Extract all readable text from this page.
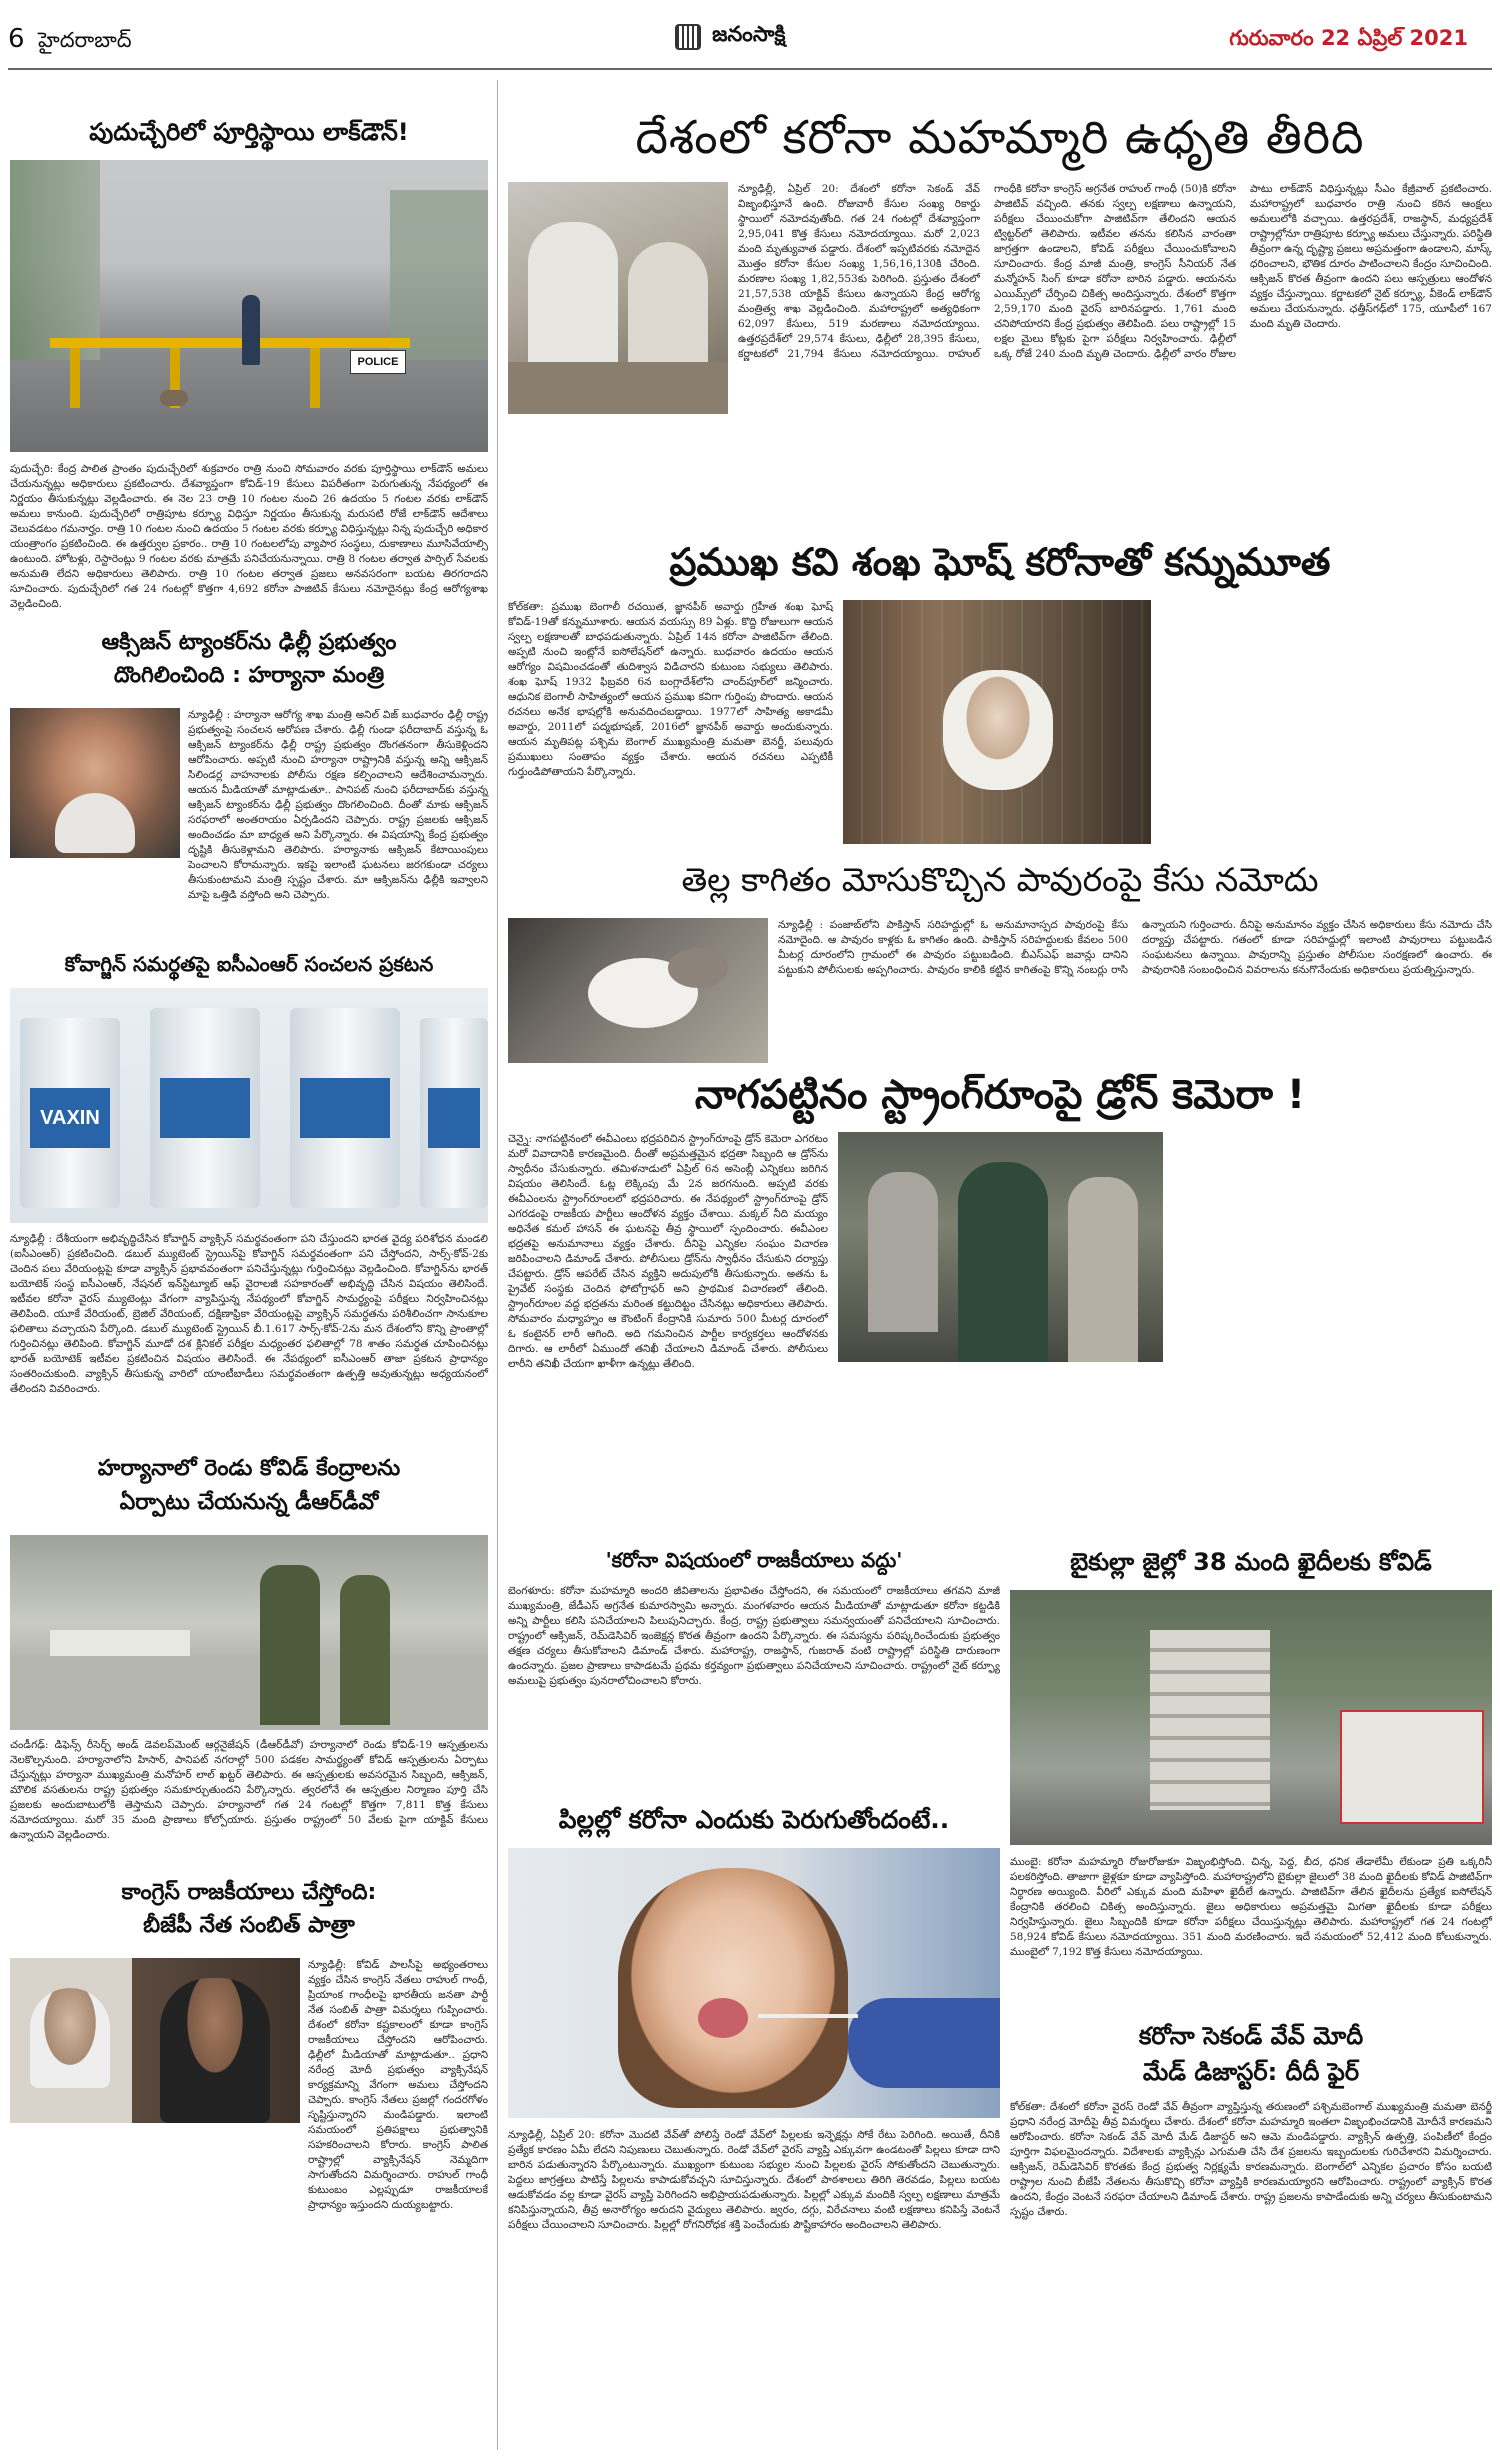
6 హైదరాబాద్	జనంసాక్షి	గురువారం 22 ఏప్రిల్ 2021
పుదుచ్చేరిలో పూర్తిస్థాయి లాక్‌డౌన్!
POLICE
పుదుచ్చేరి: కేంద్ర పాలిత ప్రాంతం పుదుచ్చేరిలో శుక్రవారం రాత్రి నుంచి సోమవారం వరకు పూర్తిస్థాయి లాక్‌డౌన్ అమలు చేయనున్నట్లు అధికారులు ప్రకటించారు. దేశవ్యాప్తంగా కోవిడ్-19 కేసులు విపరీతంగా పెరుగుతున్న నేపథ్యంలో ఈ నిర్ణయం తీసుకున్నట్లు వెల్లడించారు. ఈ నెల 23 రాత్రి 10 గంటల నుంచి 26 ఉదయం 5 గంటల వరకు లాక్‌డౌన్ అమలు కానుంది. పుదుచ్చేరిలో రాత్రిపూట కర్ఫ్యూ విధిస్తూ నిర్ణయం తీసుకున్న మరుసటి రోజే లాక్‌డౌన్ ఆదేశాలు వెలువడటం గమనార్హం. రాత్రి 10 గంటల నుంచి ఉదయం 5 గంటల వరకు కర్ఫ్యూ విధిస్తున్నట్లు నిన్న పుదుచ్చేరి అధికార యంత్రాంగం ప్రకటించింది. ఈ ఉత్తర్వుల ప్రకారం.. రాత్రి 10 గంటలలోపు వ్యాపార సంస్థలు, దుకాణాలు మూసివేయాల్సి ఉంటుంది. హోటళ్లు, రెస్టారెంట్లు 9 గంటల వరకు మాత్రమే పనిచేయనున్నాయి. రాత్రి 8 గంటల తర్వాత పార్సిల్ సేవలకు అనుమతి లేదని అధికారులు తెలిపారు. రాత్రి 10 గంటల తర్వాత ప్రజలు అనవసరంగా బయట తిరగరాదని సూచించారు. పుదుచ్చేరిలో గత 24 గంటల్లో కొత్తగా 4,692 కరోనా పాజిటివ్ కేసులు నమోదైనట్లు కేంద్ర ఆరోగ్యశాఖ వెల్లడించింది.
ఆక్సిజన్ ట్యాంకర్‌ను ఢిల్లీ ప్రభుత్వం
దొంగిలించింది : హర్యానా మంత్రి
న్యూఢిల్లీ : హర్యానా ఆరోగ్య శాఖ మంత్రి అనిల్ విజ్ బుధవారం ఢిల్లీ రాష్ట్ర ప్రభుత్వంపై సంచలన ఆరోపణ చేశారు. ఢిల్లీ గుండా ఫరీదాబాద్ వస్తున్న ఓ ఆక్సిజన్ ట్యాంకర్‌ను ఢిల్లీ రాష్ట్ర ప్రభుత్వం దొంగతనంగా తీసుకెళ్లిందని ఆరోపించారు. అప్పటి నుంచి హర్యానా రాష్ట్రానికి వస్తున్న అన్ని ఆక్సిజన్ సిలిండర్ల వాహనాలకు పోలీసు రక్షణ కల్పించాలని ఆదేశించామన్నారు. ఆయన మీడియాతో మాట్లాడుతూ.. పానిపట్ నుంచి ఫరీదాబాద్‌కు వస్తున్న ఆక్సిజన్ ట్యాంకర్‌ను ఢిల్లీ ప్రభుత్వం దొంగలించింది. దీంతో మాకు ఆక్సిజన్ సరఫరాలో అంతరాయం ఏర్పడిందని చెప్పారు. రాష్ట్ర ప్రజలకు ఆక్సిజన్ అందించడం మా బాధ్యత అని పేర్కొన్నారు. ఈ విషయాన్ని కేంద్ర ప్రభుత్వం దృష్టికి తీసుకెళ్లామని తెలిపారు. హర్యానాకు ఆక్సిజన్ కేటాయింపులు పెంచాలని కోరామన్నారు. ఇకపై ఇలాంటి ఘటనలు జరగకుండా చర్యలు తీసుకుంటామని మంత్రి స్పష్టం చేశారు. మా ఆక్సిజన్‌ను ఢిల్లీకి ఇవ్వాలని మాపై ఒత్తిడి వస్తోంది అని చెప్పారు.
కోవాగ్జిన్ సమర్థతపై ఐసీఎంఆర్ సంచలన ప్రకటన
VAXIN
న్యూఢిల్లీ : దేశీయంగా అభివృద్ధిచేసిన కోవాగ్జిన్ వ్యాక్సిన్ సమర్థవంతంగా పని చేస్తుందని భారత వైద్య పరిశోధన మండలి (ఐసీఎంఆర్) ప్రకటించింది. డబుల్ మ్యుటెంట్ స్ట్రెయిన్‌పై కోవాగ్జిన్ సమర్థవంతంగా పని చేస్తోందని, సార్స్-కోవ్-2కు చెందిన పలు వేరియంట్లపై కూడా వ్యాక్సిన్ ప్రభావవంతంగా పనిచేస్తున్నట్లు గుర్తించినట్లు వెల్లడించింది. కోవాగ్జిన్‌ను భారత్ బయోటెక్ సంస్థ ఐసీఎంఆర్, నేషనల్ ఇన్‌స్టిట్యూట్ ఆఫ్ వైరాలజీ సహకారంతో అభివృద్ధి చేసిన విషయం తెలిసిందే. ఇటీవల కరోనా వైరస్ మ్యుటెంట్లు వేగంగా వ్యాపిస్తున్న నేపథ్యంలో కోవాగ్జిన్ సామర్థ్యంపై పరీక్షలు నిర్వహించినట్లు తెలిపింది. యూకే వేరియంట్, బ్రెజిల్ వేరియంట్, దక్షిణాఫ్రికా వేరియంట్లపై వ్యాక్సిన్ సమర్థతను పరిశీలించగా సానుకూల ఫలితాలు వచ్చాయని పేర్కొంది. డబుల్ మ్యుటెంట్ స్ట్రెయిన్ బీ.1.617 సార్స్-కోవ్-2ను మన దేశంలోని కొన్ని ప్రాంతాల్లో గుర్తించినట్లు తెలిపింది. కోవాగ్జిన్ మూడో దశ క్లినికల్ పరీక్షల మధ్యంతర ఫలితాల్లో 78 శాతం సమర్థత చూపించినట్లు భారత్ బయోటెక్ ఇటీవల ప్రకటించిన విషయం తెలిసిందే. ఈ నేపథ్యంలో ఐసీఎంఆర్ తాజా ప్రకటన ప్రాధాన్యం సంతరించుకుంది. వ్యాక్సిన్ తీసుకున్న వారిలో యాంటీబాడీలు సమర్థవంతంగా ఉత్పత్తి అవుతున్నట్లు అధ్యయనంలో తేలిందని వివరించారు.
హర్యానాలో రెండు కోవిడ్ కేంద్రాలను
ఏర్పాటు చేయనున్న డీఆర్‌డీవో
చండీగఢ్: డిఫెన్స్ రీసెర్చ్ అండ్ డెవలప్‌మెంట్ ఆర్గనైజేషన్ (డీఆర్‌డీవో) హర్యానాలో రెండు కోవిడ్-19 ఆస్పత్రులను నెలకొల్పనుంది. హర్యానాలోని హిసార్, పానిపట్ నగరాల్లో 500 పడకల సామర్థ్యంతో కోవిడ్ ఆస్పత్రులను ఏర్పాటు చేస్తున్నట్లు హర్యానా ముఖ్యమంత్రి మనోహర్ లాల్ ఖట్టర్ తెలిపారు. ఈ ఆస్పత్రులకు అవసరమైన సిబ్బంది, ఆక్సిజన్, మౌలిక వసతులను రాష్ట్ర ప్రభుత్వం సమకూర్చుతుందని పేర్కొన్నారు. త్వరలోనే ఈ ఆస్పత్రుల నిర్మాణం పూర్తి చేసి ప్రజలకు అందుబాటులోకి తెస్తామని చెప్పారు. హర్యానాలో గత 24 గంటల్లో కొత్తగా 7,811 కొత్త కేసులు నమోదయ్యాయి. మరో 35 మంది ప్రాణాలు కోల్పోయారు. ప్రస్తుతం రాష్ట్రంలో 50 వేలకు పైగా యాక్టివ్ కేసులు ఉన్నాయని వెల్లడించారు.
కాంగ్రెస్ రాజకీయాలు చేస్తోంది:
బీజేపీ నేత సంబిత్ పాత్రా
న్యూఢిల్లీ: కోవిడ్ పాలసీపై అభ్యంతరాలు వ్యక్తం చేసిన కాంగ్రెస్ నేతలు రాహుల్ గాంధీ, ప్రియాంక గాంధీలపై భారతీయ జనతా పార్టీ నేత సంబిత్ పాత్రా విమర్శలు గుప్పించారు. దేశంలో కరోనా కష్టకాలంలో కూడా కాంగ్రెస్ రాజకీయాలు చేస్తోందని ఆరోపించారు. ఢిల్లీలో మీడియాతో మాట్లాడుతూ.. ప్రధాని నరేంద్ర మోదీ ప్రభుత్వం వ్యాక్సినేషన్ కార్యక్రమాన్ని వేగంగా అమలు చేస్తోందని చెప్పారు. కాంగ్రెస్ నేతలు ప్రజల్లో గందరగోళం సృష్టిస్తున్నారని మండిపడ్డారు. ఇలాంటి సమయంలో ప్రతిపక్షాలు ప్రభుత్వానికి సహకరించాలని కోరారు. కాంగ్రెస్ పాలిత రాష్ట్రాల్లో వ్యాక్సినేషన్ నెమ్మదిగా సాగుతోందని విమర్శించారు. రాహుల్ గాంధీ కుటుంబం ఎల్లప్పుడూ రాజకీయాలకే ప్రాధాన్యం ఇస్తుందని దుయ్యబట్టారు.
దేశంలో కరోనా మహమ్మారి ఉధృతి తీరిది
న్యూఢిల్లీ, ఏప్రిల్ 20: దేశంలో కరోనా సెకండ్ వేవ్ విజృంభిస్తూనే ఉంది. రోజువారీ కేసుల సంఖ్య రికార్డు స్థాయిలో నమోదవుతోంది. గత 24 గంటల్లో దేశవ్యాప్తంగా 2,95,041 కొత్త కేసులు నమోదయ్యాయి. మరో 2,023 మంది మృత్యువాత పడ్డారు. దేశంలో ఇప్పటివరకు నమోదైన మొత్తం కరోనా కేసుల సంఖ్య 1,56,16,130కి చేరింది. మరణాల సంఖ్య 1,82,553కు పెరిగింది. ప్రస్తుతం దేశంలో 21,57,538 యాక్టివ్ కేసులు ఉన్నాయని కేంద్ర ఆరోగ్య మంత్రిత్వ శాఖ వెల్లడించింది. మహారాష్ట్రలో అత్యధికంగా 62,097 కేసులు, 519 మరణాలు నమోదయ్యాయి. ఉత్తరప్రదేశ్‌లో 29,574 కేసులు, ఢిల్లీలో 28,395 కేసులు, కర్ణాటకలో 21,794 కేసులు నమోదయ్యాయి. రాహుల్ గాంధీకి కరోనా కాంగ్రెస్ అగ్రనేత రాహుల్ గాంధీ (50)కి కరోనా పాజిటివ్ వచ్చింది. తనకు స్వల్ప లక్షణాలు ఉన్నాయని, పరీక్షలు చేయించుకోగా పాజిటివ్‌గా తేలిందని ఆయన ట్విట్టర్‌లో తెలిపారు. ఇటీవల తనను కలిసిన వారంతా జాగ్రత్తగా ఉండాలని, కోవిడ్ పరీక్షలు చేయించుకోవాలని సూచించారు. కేంద్ర మాజీ మంత్రి, కాంగ్రెస్ సీనియర్ నేత మన్మోహన్ సింగ్ కూడా కరోనా బారిన పడ్డారు. ఆయనను ఎయిమ్స్‌లో చేర్పించి చికిత్స అందిస్తున్నారు. దేశంలో కొత్తగా 2,59,170 మంది వైరస్ బారినపడ్డారు. 1,761 మంది చనిపోయారని కేంద్ర ప్రభుత్వం తెలిపింది. పలు రాష్ట్రాల్లో 15 లక్షల మైలు కోట్లకు పైగా పరీక్షలు నిర్వహించారు. ఢిల్లీలో ఒక్క రోజే 240 మంది మృతి చెందారు. ఢిల్లీలో వారం రోజుల పాటు లాక్‌డౌన్ విధిస్తున్నట్లు సీఎం కేజ్రీవాల్ ప్రకటించారు. మహారాష్ట్రలో బుధవారం రాత్రి నుంచి కఠిన ఆంక్షలు అమలులోకి వచ్చాయి. ఉత్తరప్రదేశ్, రాజస్థాన్, మధ్యప్రదేశ్ రాష్ట్రాల్లోనూ రాత్రిపూట కర్ఫ్యూ అమలు చేస్తున్నారు. పరిస్థితి తీవ్రంగా ఉన్న దృష్ట్యా ప్రజలు అప్రమత్తంగా ఉండాలని, మాస్క్ ధరించాలని, భౌతిక దూరం పాటించాలని కేంద్రం సూచించింది. ఆక్సిజన్ కొరత తీవ్రంగా ఉందని పలు ఆస్పత్రులు ఆందోళన వ్యక్తం చేస్తున్నాయి. కర్ణాటకలో నైట్ కర్ఫ్యూ, వీకెండ్ లాక్‌డౌన్ అమలు చేయనున్నారు. ఛత్తీస్‌గఢ్‌లో 175, యూపీలో 167 మంది మృతి చెందారు.
ప్రముఖ కవి శంఖ ఘోష్ కరోనాతో కన్నుమూత
కోల్‌కతా: ప్రముఖ బెంగాలీ రచయిత, జ్ఞానపీఠ్ అవార్డు గ్రహీత శంఖ ఘోష్ కోవిడ్-19తో కన్నుమూశారు. ఆయన వయస్సు 89 ఏళ్లు. కొద్ది రోజులుగా ఆయన స్వల్ప లక్షణాలతో బాధపడుతున్నారు. ఏప్రిల్ 14న కరోనా పాజిటివ్‌గా తేలింది. అప్పటి నుంచి ఇంట్లోనే ఐసోలేషన్‌లో ఉన్నారు. బుధవారం ఉదయం ఆయన ఆరోగ్యం విషమించడంతో తుదిశ్వాస విడిచారని కుటుంబ సభ్యులు తెలిపారు. శంఖ ఘోష్ 1932 ఫిబ్రవరి 6న బంగ్లాదేశ్‌లోని చాంద్‌పూర్‌లో జన్మించారు. ఆధునిక బెంగాలీ సాహిత్యంలో ఆయన ప్రముఖ కవిగా గుర్తింపు పొందారు. ఆయన రచనలు అనేక భాషల్లోకి అనువదించబడ్డాయి. 1977లో సాహిత్య అకాడమీ అవార్డు, 2011లో పద్మభూషణ్, 2016లో జ్ఞానపీఠ్ అవార్డు అందుకున్నారు. ఆయన మృతిపట్ల పశ్చిమ బెంగాల్ ముఖ్యమంత్రి మమతా బెనర్జీ, పలువురు ప్రముఖులు సంతాపం వ్యక్తం చేశారు. ఆయన రచనలు ఎప్పటికీ గుర్తుండిపోతాయని పేర్కొన్నారు.
తెల్ల కాగితం మోసుకొచ్చిన పావురంపై కేసు నమోదు
న్యూఢిల్లీ : పంజాబ్‌లోని పాకిస్తాన్ సరిహద్దుల్లో ఓ అనుమానాస్పద పావురంపై కేసు నమోదైంది. ఆ పావురం కాళ్లకు ఓ కాగితం ఉంది. పాకిస్తాన్ సరిహద్దులకు కేవలం 500 మీటర్ల దూరంలోని గ్రామంలో ఈ పావురం పట్టుబడింది. బీఎస్‌ఎఫ్ జవాన్లు దానిని పట్టుకుని పోలీసులకు అప్పగించారు. పావురం కాలికి కట్టిన కాగితంపై కొన్ని నంబర్లు రాసి ఉన్నాయని గుర్తించారు. దీనిపై అనుమానం వ్యక్తం చేసిన అధికారులు కేసు నమోదు చేసి దర్యాప్తు చేపట్టారు. గతంలో కూడా సరిహద్దుల్లో ఇలాంటి పావురాలు పట్టుబడిన సంఘటనలు ఉన్నాయి. పావురాన్ని ప్రస్తుతం పోలీసుల సంరక్షణలో ఉంచారు. ఈ పావురానికి సంబంధించిన వివరాలను కనుగొనేందుకు అధికారులు ప్రయత్నిస్తున్నారు.
నాగపట్టినం స్ట్రాంగ్‌రూంపై డ్రోన్ కెమెరా !
చెన్నై: నాగపట్టినంలో ఈవీఎంలు భద్రపరిచిన స్ట్రాంగ్‌రూంపై డ్రోన్ కెమెరా ఎగరటం మరో వివాదానికి కారణమైంది. దీంతో అప్రమత్తమైన భద్రతా సిబ్బంది ఆ డ్రోన్‌ను స్వాధీనం చేసుకున్నారు. తమిళనాడులో ఏప్రిల్ 6న అసెంబ్లీ ఎన్నికలు జరిగిన విషయం తెలిసిందే. ఓట్ల లెక్కింపు మే 2న జరగనుంది. అప్పటి వరకు ఈవీఎంలను స్ట్రాంగ్‌రూంలలో భద్రపరిచారు. ఈ నేపథ్యంలో స్ట్రాంగ్‌రూంపై డ్రోన్ ఎగరడంపై రాజకీయ పార్టీలు ఆందోళన వ్యక్తం చేశాయి. మక్కల్ నీది మయ్యం అధినేత కమల్ హాసన్ ఈ ఘటనపై తీవ్ర స్థాయిలో స్పందించారు. ఈవీఎంల భద్రతపై అనుమానాలు వ్యక్తం చేశారు. దీనిపై ఎన్నికల సంఘం విచారణ జరిపించాలని డిమాండ్ చేశారు. పోలీసులు డ్రోన్‌ను స్వాధీనం చేసుకుని దర్యాప్తు చేపట్టారు. డ్రోన్ ఆపరేట్ చేసిన వ్యక్తిని అదుపులోకి తీసుకున్నారు. అతను ఓ ప్రైవేట్ సంస్థకు చెందిన ఫోటోగ్రాఫర్ అని ప్రాథమిక విచారణలో తేలింది. స్ట్రాంగ్‌రూంల వద్ద భద్రతను మరింత కట్టుదిట్టం చేసినట్లు అధికారులు తెలిపారు. సోమవారం మధ్యాహ్నం ఆ కౌంటింగ్ కేంద్రానికి సుమారు 500 మీటర్ల దూరంలో ఓ కంటైనర్ లారీ ఆగింది. అది గమనించిన పార్టీల కార్యకర్తలు ఆందోళనకు దిగారు. ఆ లారీలో ఏముందో తనిఖీ చేయాలని డిమాండ్ చేశారు. పోలీసులు లారీని తనిఖీ చేయగా ఖాళీగా ఉన్నట్లు తేలింది.
'కరోనా విషయంలో రాజకీయాలు వద్దు'
బెంగళూరు: కరోనా మహమ్మారి అందరి జీవితాలను ప్రభావితం చేస్తోందని, ఈ సమయంలో రాజకీయాలు తగవని మాజీ ముఖ్యమంత్రి, జేడీఎస్ అగ్రనేత కుమారస్వామి అన్నారు. మంగళవారం ఆయన మీడియాతో మాట్లాడుతూ కరోనా కట్టడికి అన్ని పార్టీలు కలిసి పనిచేయాలని పిలుపునిచ్చారు. కేంద్ర, రాష్ట్ర ప్రభుత్వాలు సమన్వయంతో పనిచేయాలని సూచించారు. రాష్ట్రంలో ఆక్సిజన్, రెమ్‌డెసివిర్ ఇంజెక్షన్ల కొరత తీవ్రంగా ఉందని పేర్కొన్నారు. ఈ సమస్యను పరిష్కరించేందుకు ప్రభుత్వం తక్షణ చర్యలు తీసుకోవాలని డిమాండ్ చేశారు. మహారాష్ట్ర, రాజస్థాన్, గుజరాత్ వంటి రాష్ట్రాల్లో పరిస్థితి దారుణంగా ఉందన్నారు. ప్రజల ప్రాణాలు కాపాడటమే ప్రథమ కర్తవ్యంగా ప్రభుత్వాలు పనిచేయాలని సూచించారు. రాష్ట్రంలో నైట్ కర్ఫ్యూ అమలుపై ప్రభుత్వం పునరాలోచించాలని కోరారు.
పిల్లల్లో కరోనా ఎందుకు పెరుగుతోందంటే..
న్యూఢిల్లీ, ఏప్రిల్ 20: కరోనా మొదటి వేవ్‌తో పోలిస్తే రెండో వేవ్‌లో పిల్లలకు ఇన్ఫెక్షన్లు సోకే రేటు పెరిగింది. అయితే, దీనికి ప్రత్యేక కారణం ఏమీ లేదని నిపుణులు చెబుతున్నారు. రెండో వేవ్‌లో వైరస్ వ్యాప్తి ఎక్కువగా ఉండటంతో పిల్లలు కూడా దాని బారిన పడుతున్నారని పేర్కొంటున్నారు. ముఖ్యంగా కుటుంబ సభ్యుల నుంచి పిల్లలకు వైరస్ సోకుతోందని చెబుతున్నారు. పెద్దలు జాగ్రత్తలు పాటిస్తే పిల్లలను కాపాడుకోవచ్చని సూచిస్తున్నారు. దేశంలో పాఠశాలలు తిరిగి తెరవడం, పిల్లలు బయట ఆడుకోవడం వల్ల కూడా వైరస్ వ్యాప్తి పెరిగిందని అభిప్రాయపడుతున్నారు. పిల్లల్లో ఎక్కువ మందికి స్వల్ప లక్షణాలు మాత్రమే కనిపిస్తున్నాయని, తీవ్ర అనారోగ్యం అరుదని వైద్యులు తెలిపారు. జ్వరం, దగ్గు, విరేచనాలు వంటి లక్షణాలు కనిపిస్తే వెంటనే పరీక్షలు చేయించాలని సూచించారు. పిల్లల్లో రోగనిరోధక శక్తి పెంచేందుకు పౌష్టికాహారం అందించాలని తెలిపారు.
బైకుల్లా జైల్లో 38 మంది ఖైదీలకు కోవిడ్
ముంబై: కరోనా మహమ్మారి రోజురోజుకూ విజృంభిస్తోంది. చిన్న, పెద్ద, బీద, ధనిక తేడాలేమీ లేకుండా ప్రతి ఒక్కరినీ పలకరిస్తోంది. తాజాగా జైళ్లకూ కూడా వ్యాపిస్తోంది. మహారాష్ట్రలోని బైకుల్లా జైలులో 38 మంది ఖైదీలకు కోవిడ్ పాజిటివ్‌గా నిర్ధారణ అయ్యింది. వీరిలో ఎక్కువ మంది మహిళా ఖైదీలే ఉన్నారు. పాజిటివ్‌గా తేలిన ఖైదీలను ప్రత్యేక ఐసోలేషన్ కేంద్రానికి తరలించి చికిత్స అందిస్తున్నారు. జైలు అధికారులు అప్రమత్తమై మిగతా ఖైదీలకు కూడా పరీక్షలు నిర్వహిస్తున్నారు. జైలు సిబ్బందికి కూడా కరోనా పరీక్షలు చేయిస్తున్నట్లు తెలిపారు. మహారాష్ట్రలో గత 24 గంటల్లో 58,924 కోవిడ్ కేసులు నమోదయ్యాయి. 351 మంది మరణించారు. ఇదే సమయంలో 52,412 మంది కోలుకున్నారు. ముంబైలో 7,192 కొత్త కేసులు నమోదయ్యాయి.
కరోనా సెకండ్ వేవ్ మోదీ
మేడ్ డిజాస్టర్: దీదీ ఫైర్
కోల్‌కతా: దేశంలో కరోనా వైరస్ రెండో వేవ్ తీవ్రంగా వ్యాప్తిస్తున్న తరుణంలో పశ్చిమబెంగాల్ ముఖ్యమంత్రి మమతా బెనర్జీ ప్రధాని నరేంద్ర మోదీపై తీవ్ర విమర్శలు చేశారు. దేశంలో కరోనా మహమ్మారి ఇంతలా విజృంభించడానికి మోదీనే కారణమని ఆరోపించారు. కరోనా సెకండ్ వేవ్ మోదీ మేడ్ డిజాస్టర్ అని ఆమె మండిపడ్డారు. వ్యాక్సిన్ ఉత్పత్తి, పంపిణీలో కేంద్రం పూర్తిగా విఫలమైందన్నారు. విదేశాలకు వ్యాక్సిన్లు ఎగుమతి చేసి దేశ ప్రజలను ఇబ్బందులకు గురిచేశారని విమర్శించారు. ఆక్సిజన్, రెమ్‌డెసివిర్ కొరతకు కేంద్ర ప్రభుత్వ నిర్లక్ష్యమే కారణమన్నారు. బెంగాల్‌లో ఎన్నికల ప్రచారం కోసం బయటి రాష్ట్రాల నుంచి బీజేపీ నేతలను తీసుకొచ్చి కరోనా వ్యాప్తికి కారణమయ్యారని ఆరోపించారు. రాష్ట్రంలో వ్యాక్సిన్ కొరత ఉందని, కేంద్రం వెంటనే సరఫరా చేయాలని డిమాండ్ చేశారు. రాష్ట్ర ప్రజలను కాపాడేందుకు అన్ని చర్యలు తీసుకుంటామని స్పష్టం చేశారు.
